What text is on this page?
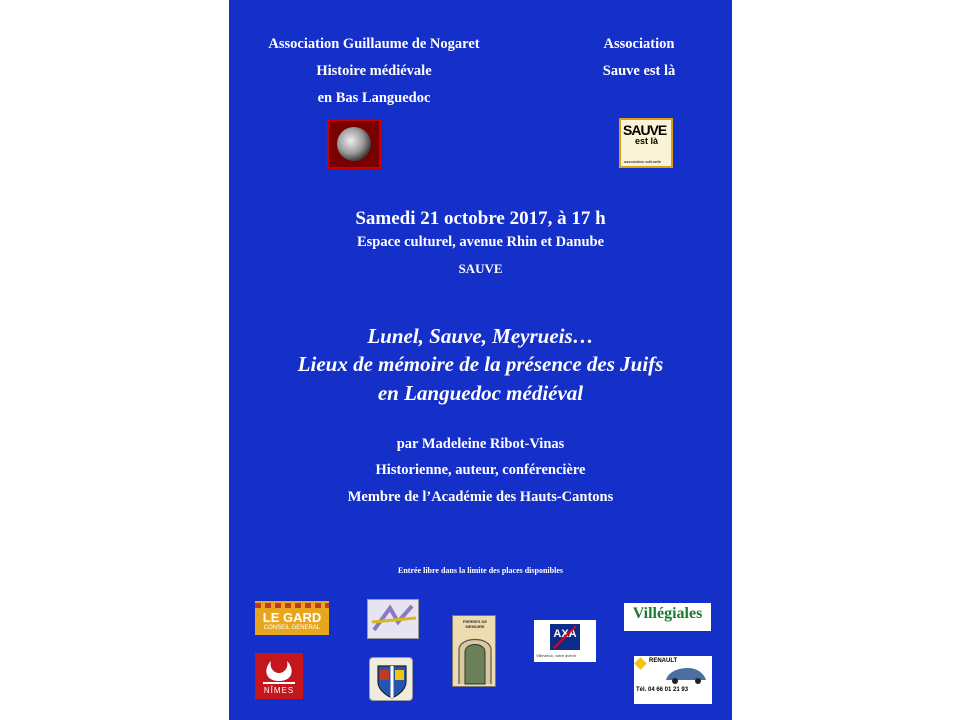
Association Guillaume de Nogaret
Histoire médiévale
en Bas Languedoc
Association
Sauve est là
SAUVE
est là
association culturelle
Samedi 21 octobre 2017, à 17 h
Espace culturel, avenue Rhin et Danube
SAUVE
Lunel, Sauve, Meyrueis…
Lieux de mémoire de la présence des Juifs
en Languedoc médiéval
par Madeleine Ribot-Vinas
Historienne, auteur, conférencière
Membre de l’Académie des Hauts-Cantons
Entrée libre dans la limite des places disponibles
LE GARD
CONSEIL GENERAL
NÎMES
PIERRES DE MEMOIRE
AXA
Villevieux, votre avenir
Villégiales
RENAULT
Tél. 04 66 01 21 93
